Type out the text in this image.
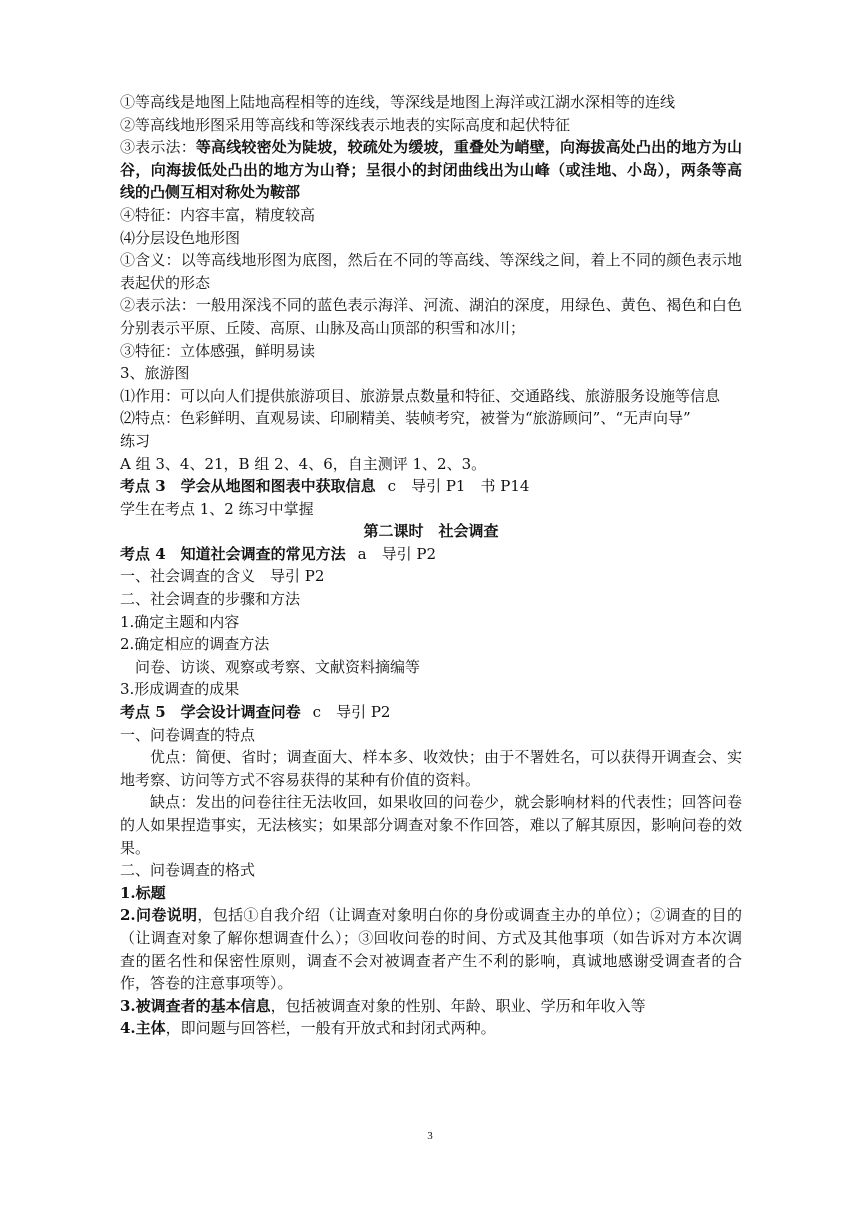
①等高线是地图上陆地高程相等的连线，等深线是地图上海洋或江湖水深相等的连线
②等高线地形图采用等高线和等深线表示地表的实际高度和起伏特征
③表示法：等高线较密处为陡坡，较疏处为缓坡，重叠处为峭壁，向海拔高处凸出的地方为山谷，向海拔低处凸出的地方为山脊；呈很小的封闭曲线出为山峰（或洼地、小岛），两条等高线的凸侧互相对称处为鞍部
④特征：内容丰富，精度较高
⑷分层设色地形图
①含义：以等高线地形图为底图，然后在不同的等高线、等深线之间，着上不同的颜色表示地表起伏的形态
②表示法：一般用深浅不同的蓝色表示海洋、河流、湖泊的深度，用绿色、黄色、褐色和白色分别表示平原、丘陵、高原、山脉及高山顶部的积雪和冰川；
③特征：立体感强，鲜明易读
3、旅游图
⑴作用：可以向人们提供旅游项目、旅游景点数量和特征、交通路线、旅游服务设施等信息
⑵特点：色彩鲜明、直观易读、印刷精美、装帧考究，被誉为“旅游顾问”、“无声向导”
练习
A 组 3、4、21，B 组 2、4、6，自主测评 1、2、3。
考点 3　学会从地图和图表中获取信息 c　导引 P1　书 P14
学生在考点 1、2 练习中掌握
第二课时　社会调查
考点 4　知道社会调查的常见方法 a　导引 P2
一、社会调查的含义　导引 P2
二、社会调查的步骤和方法
1.确定主题和内容
2.确定相应的调查方法
问卷、访谈、观察或考察、文献资料摘编等
3.形成调查的成果
考点 5　学会设计调查问卷 c　导引 P2
一、问卷调查的特点
优点：简便、省时；调查面大、样本多、收效快；由于不署姓名，可以获得开调查会、实地考察、访问等方式不容易获得的某种有价值的资料。
缺点：发出的问卷往往无法收回，如果收回的问卷少，就会影响材料的代表性；回答问卷的人如果捏造事实，无法核实；如果部分调查对象不作回答，难以了解其原因，影响问卷的效果。
二、问卷调查的格式
1.标题
2.问卷说明，包括①自我介绍（让调查对象明白你的身份或调查主办的单位）；②调查的目的（让调查对象了解你想调查什么）；③回收问卷的时间、方式及其他事项（如告诉对方本次调查的匿名性和保密性原则，调查不会对被调查者产生不利的影响，真诚地感谢受调查者的合作，答卷的注意事项等）。
3.被调查者的基本信息，包括被调查对象的性别、年龄、职业、学历和年收入等
4.主体，即问题与回答栏，一般有开放式和封闭式两种。
3
